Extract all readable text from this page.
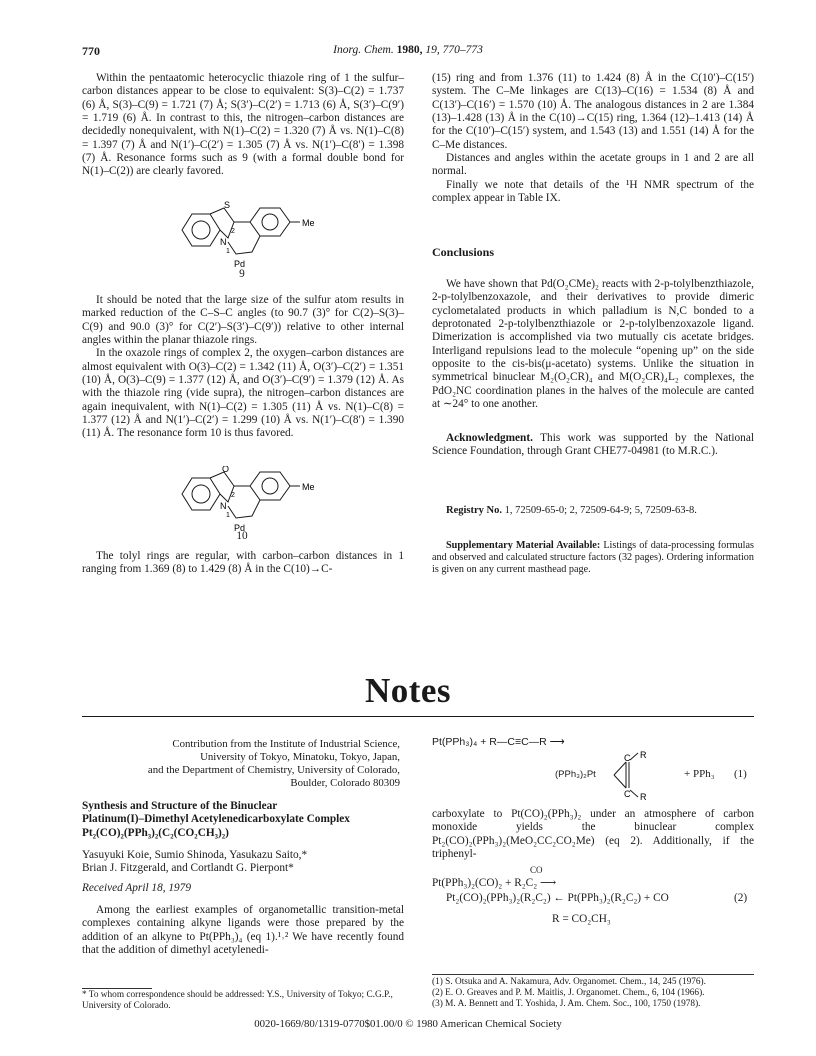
770	Inorg. Chem. 1980, 19, 770–773

Within the pentaatomic heterocyclic thiazole ring of 1 the sulfur–carbon distances appear to be close to equivalent: S(3)–C(2) = 1.737 (6) Å, S(3)–C(9) = 1.721 (7) Å; S(3′)–C(2′) = 1.713 (6) Å, S(3′)–C(9′) = 1.719 (6) Å. In contrast to this, the nitrogen–carbon distances are decidedly nonequivalent, with N(1)–C(2) = 1.320 (7) Å vs. N(1)–C(8) = 1.397 (7) Å and N(1′)–C(2′) = 1.305 (7) Å vs. N(1′)–C(8′) = 1.398 (7) Å. Resonance forms such as 9 (with a formal double bond for N(1)–C(2)) are clearly favored.

S
2
N
1
Pd
Me
9

It should be noted that the large size of the sulfur atom results in marked reduction of the C–S–C angles (to 90.7 (3)° for C(2)–S(3)–C(9) and 90.0 (3)° for C(2′)–S(3′)–C(9′)) relative to other internal angles within the planar thiazole rings.

In the oxazole rings of complex 2, the oxygen–carbon distances are almost equivalent with O(3)–C(2) = 1.342 (11) Å, O(3′)–C(2′) = 1.351 (10) Å, O(3)–C(9) = 1.377 (12) Å, and O(3′)–C(9′) = 1.379 (12) Å. As with the thiazole ring (vide supra), the nitrogen–carbon distances are again inequivalent, with N(1)–C(2) = 1.305 (11) Å vs. N(1)–C(8) = 1.377 (12) Å and N(1′)–C(2′) = 1.299 (10) Å vs. N(1′)–C(8′) = 1.390 (11) Å. The resonance form 10 is thus favored.

O
2
N
1
Pd
Me
10

The tolyl rings are regular, with carbon–carbon distances in 1 ranging from 1.369 (8) to 1.429 (8) Å in the C(10)→C-

(15) ring and from 1.376 (11) to 1.424 (8) Å in the C(10′)–C(15′) system. The C–Me linkages are C(13)–C(16) = 1.534 (8) Å and C(13′)–C(16′) = 1.570 (10) Å. The analogous distances in 2 are 1.384 (13)–1.428 (13) Å in the C(10)→C(15) ring, 1.364 (12)–1.413 (14) Å for the C(10′)–C(15′) system, and 1.543 (13) and 1.551 (14) Å for the C–Me distances.

Distances and angles within the acetate groups in 1 and 2 are all normal.

Finally we note that details of the ¹H NMR spectrum of the complex appear in Table IX.

Conclusions

We have shown that Pd(O₂CMe)₂ reacts with 2-p-tolylbenzthiazole, 2-p-tolylbenzoxazole, and their derivatives to provide dimeric cyclometalated products in which palladium is N,C bonded to a deprotonated 2-p-tolylbenzthiazole or 2-p-tolylbenzoxazole ligand. Dimerization is accomplished via two mutually cis acetate bridges. Interligand repulsions lead to the molecule “opening up” on the side opposite to the cis-bis(μ-acetato) systems. Unlike the situation in symmetrical binuclear M₂(O₂CR)₄ and M(O₂CR)₄L₂ complexes, the PdO₂NC coordination planes in the halves of the molecule are canted at ∼24° to one another.

Acknowledgment. This work was supported by the National Science Foundation, through Grant CHE77-04981 (to M.R.C.).

Registry No. 1, 72509-65-0; 2, 72509-64-9; 5, 72509-63-8.

Supplementary Material Available: Listings of data-processing formulas and observed and calculated structure factors (32 pages). Ordering information is given on any current masthead page.

Notes
Contribution from the Institute of Industrial Science,
University of Tokyo, Minatoku, Tokyo, Japan,
and the Department of Chemistry, University of Colorado,
Boulder, Colorado 80309
Synthesis and Structure of the Binuclear
Platinum(I)–Dimethyl Acetylenedicarboxylate Complex
Pt₂(CO)₂(PPh₃)₂(C₂(CO₂CH₃)₂)
Yasuyuki Koie, Sumio Shinoda, Yasukazu Saito,*
Brian J. Fitzgerald, and Cortlandt G. Pierpont*
Received April 18, 1979

Among the earliest examples of organometallic transition-metal complexes containing alkyne ligands were those prepared by the addition of an alkyne to Pt(PPh₃)₄ (eq 1).¹˒² We have recently found that the addition of dimethyl acetylenedi-

* To whom correspondence should be addressed: Y.S., University of Tokyo; C.G.P., University of Colorado.
Pt(PPh₃)₄ + R—C≡C—R ⟶
C
C
R
R
(PPh₃)₂Pt	+ PPh₃ (1)

carboxylate to Pt(CO)₂(PPh₃)₂ under an atmosphere of carbon monoxide yields the binuclear complex Pt₂(CO)₂(PPh₃)₂(MeO₂CC₂CO₂Me) (eq 2). Additionally, if the triphenyl-

CO
Pt(PPh₃)₂(CO)₂ + R₂C₂ ⟶
Pt₂(CO)₂(PPh₃)₂(R₂C₂) ← Pt(PPh₃)₂(R₂C₂) + CO	(2)
R = CO₂CH₃
(1) S. Otsuka and A. Nakamura, Adv. Organomet. Chem., 14, 245 (1976).
(2) E. O. Greaves and P. M. Maitlis, J. Organomet. Chem., 6, 104 (1966).
(3) M. A. Bennett and T. Yoshida, J. Am. Chem. Soc., 100, 1750 (1978).
0020-1669/80/1319-0770$01.00/0 © 1980 American Chemical Society
